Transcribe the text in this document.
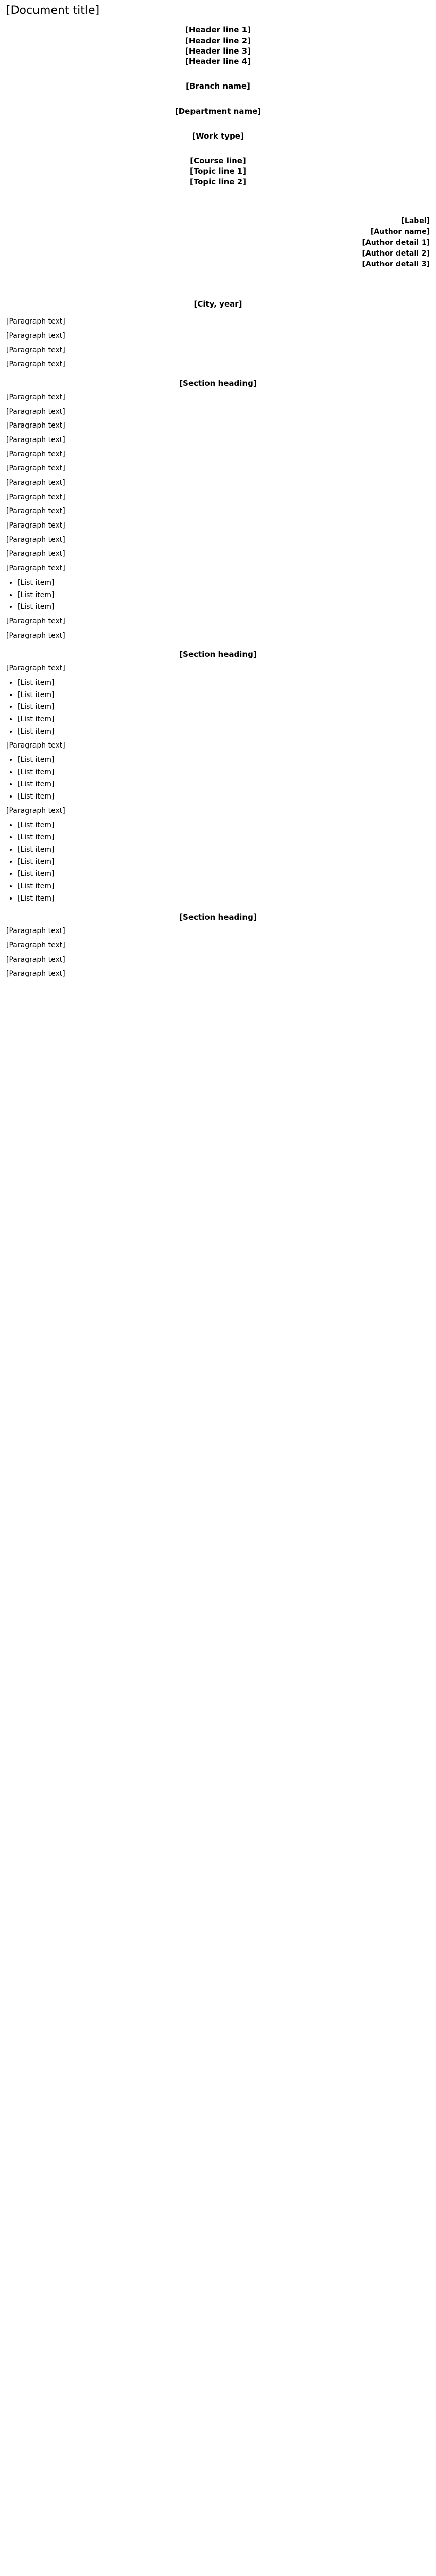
[Document title]
[Header line 1]
[Header line 2]
[Header line 3]
[Header line 4]
[Branch name]
[Department name]
[Work type]
[Course line]
[Topic line 1]
[Topic line 2]
[Label]
[Author name]
[Author detail 1]
[Author detail 2]
[Author detail 3]
[City, year]

[Paragraph text]

[Paragraph text]

[Paragraph text]

[Paragraph text]

[Section heading]

[Paragraph text]

[Paragraph text]

[Paragraph text]

[Paragraph text]

[Paragraph text]

[Paragraph text]

[Paragraph text]

[Paragraph text]

[Paragraph text]

[Paragraph text]

[Paragraph text]

[Paragraph text]

[Paragraph text]

• [List item]
• [List item]
• [List item]

[Paragraph text]

[Paragraph text]

[Section heading]

[Paragraph text]

• [List item]
• [List item]
• [List item]
• [List item]
• [List item]

[Paragraph text]

• [List item]
• [List item]
• [List item]
• [List item]

[Paragraph text]

• [List item]
• [List item]
• [List item]
• [List item]
• [List item]
• [List item]
• [List item]
[Section heading]

[Paragraph text]

[Paragraph text]

[Paragraph text]

[Paragraph text]
